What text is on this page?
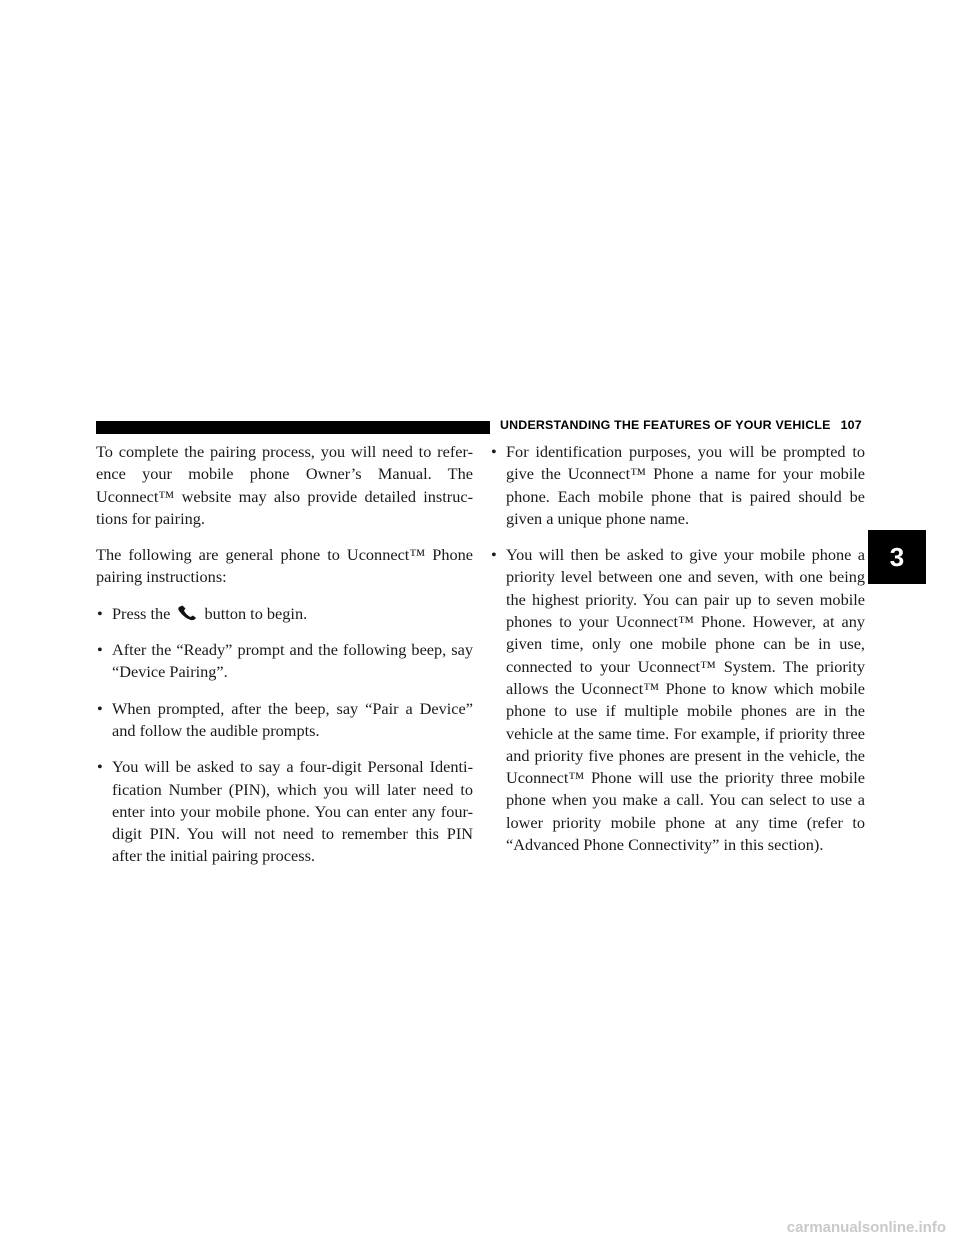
UNDERSTANDING THE FEATURES OF YOUR VEHICLE 107

To complete the pairing process, you will need to refer-ence your mobile phone Owner’s Manual. The Uconnect™ website may also provide detailed instruc-tions for pairing.

The following are general phone to Uconnect™ Phone pairing instructions:

• Press the button to begin.
• After the “Ready” prompt and the following beep, say “Device Pairing”.
• When prompted, after the beep, say “Pair a Device” and follow the audible prompts.
• You will be asked to say a four-digit Personal Identi-fication Number (PIN), which you will later need to enter into your mobile phone. You can enter any four-digit PIN. You will not need to remember this PIN after the initial pairing process.
• For identification purposes, you will be prompted to give the Uconnect™ Phone a name for your mobile phone. Each mobile phone that is paired should be given a unique phone name.
• You will then be asked to give your mobile phone a priority level between one and seven, with one being the highest priority. You can pair up to seven mobile phones to your Uconnect™ Phone. However, at any given time, only one mobile phone can be in use, connected to your Uconnect™ System. The priority allows the Uconnect™ Phone to know which mobile phone to use if multiple mobile phones are in the vehicle at the same time. For example, if priority three and priority five phones are present in the vehicle, the Uconnect™ Phone will use the priority three mobile phone when you make a call. You can select to use a lower priority mobile phone at any time (refer to “Advanced Phone Connectivity” in this section).
3
carmanualsonline.info
